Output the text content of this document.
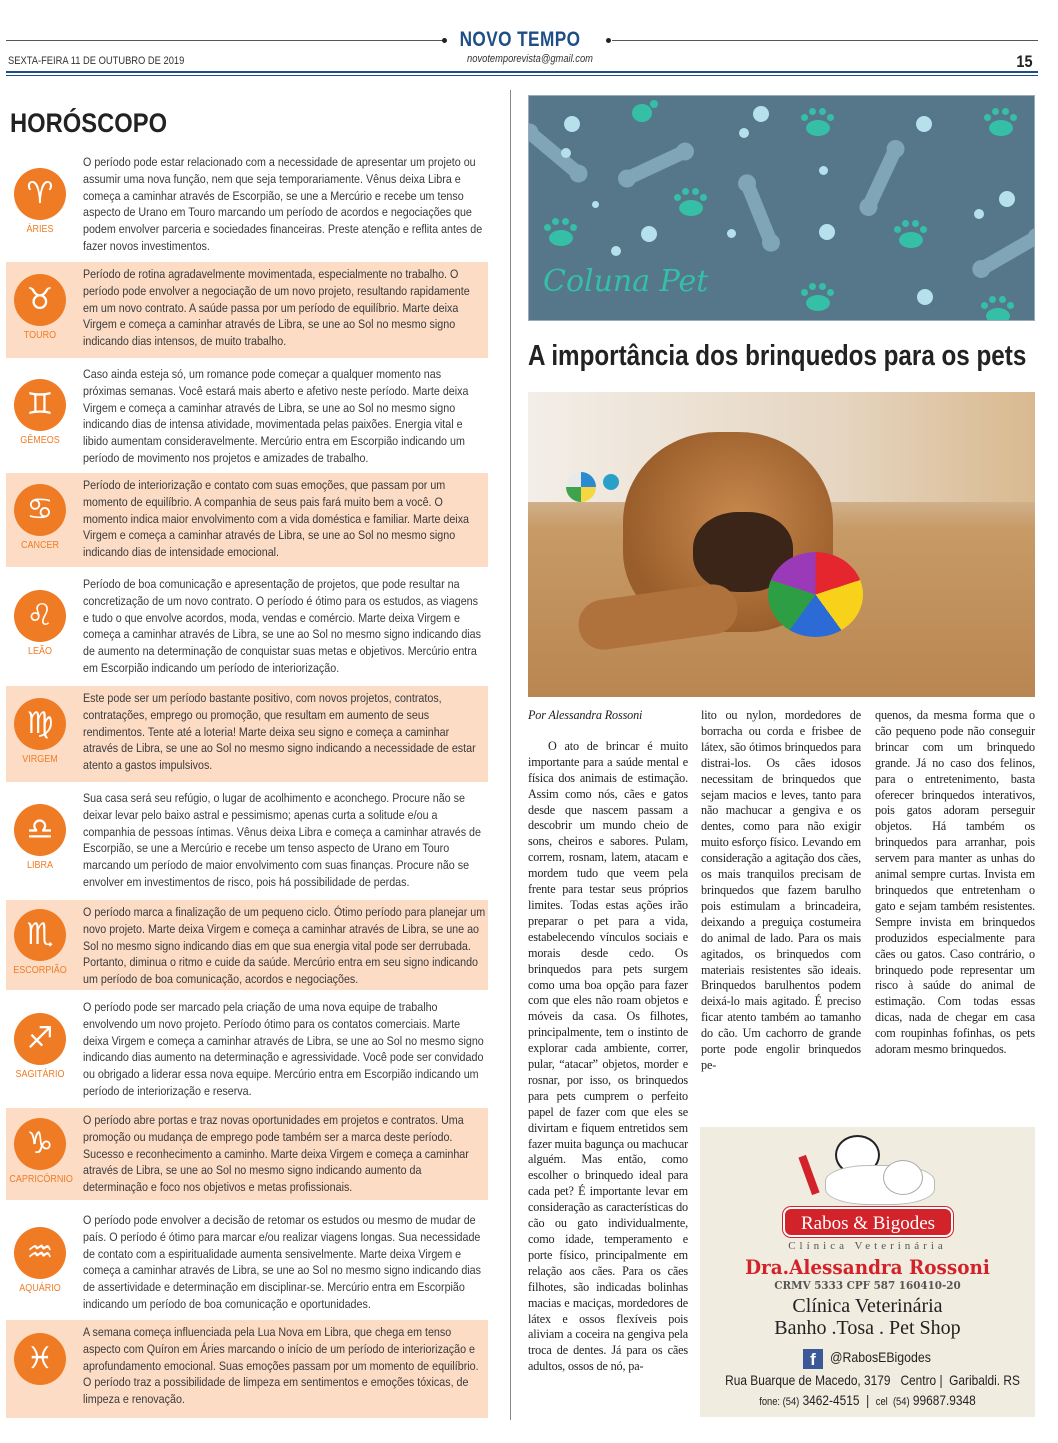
NOVO TEMPO
SEXTA-FEIRA 11 DE OUTUBRO DE 2019	novotemporevista@gmail.com	15
HORÓSCOPO
♈
ÁRIES
O período pode estar relacionado com a necessidade de apresentar um projeto ou assumir uma nova função, nem que seja temporariamente. Vênus deixa Libra e começa a caminhar através de Escorpião, se une a Mercúrio e recebe um tenso aspecto de Urano em Touro marcando um período de acordos e negociações que podem envolver parceria e sociedades financeiras. Preste atenção e reflita antes de fazer novos investimentos.
♉
TOURO
Período de rotina agradavelmente movimentada, especialmente no trabalho. O período pode envolver a negociação de um novo projeto, resultando rapidamente em um novo contrato. A saúde passa por um período de equilíbrio. Marte deixa Virgem e começa a caminhar através de Libra, se une ao Sol no mesmo signo indicando dias intensos, de muito trabalho.
♊
GÊMEOS
Caso ainda esteja só, um romance pode começar a qualquer momento nas próximas semanas. Você estará mais aberto e afetivo neste período. Marte deixa Virgem e começa a caminhar através de Libra, se une ao Sol no mesmo signo indicando dias de intensa atividade, movimentada pelas paixões. Energia vital e libido aumentam consideravelmente. Mercúrio entra em Escorpião indicando um período de movimento nos projetos e amizades de trabalho.
♋
CANCER
Período de interiorização e contato com suas emoções, que passam por um momento de equilíbrio. A companhia de seus pais fará muito bem a você. O momento indica maior envolvimento com a vida doméstica e familiar. Marte deixa Virgem e começa a caminhar através de Libra, se une ao Sol no mesmo signo indicando dias de intensidade emocional.
♌
LEÃO
Período de boa comunicação e apresentação de projetos, que pode resultar na concretização de um novo contrato. O período é ótimo para os estudos, as viagens e tudo o que envolve acordos, moda, vendas e comércio. Marte deixa Virgem e começa a caminhar através de Libra, se une ao Sol no mesmo signo indicando dias de aumento na determinação de conquistar suas metas e objetivos. Mercúrio entra em Escorpião indicando um período de interiorização.
♍
VIRGEM
Este pode ser um período bastante positivo, com novos projetos, contratos, contratações, emprego ou promoção, que resultam em aumento de seus rendimentos. Tente até a loteria! Marte deixa seu signo e começa a caminhar através de Libra, se une ao Sol no mesmo signo indicando a necessidade de estar atento a gastos impulsivos.
♎
LIBRA
Sua casa será seu refúgio, o lugar de acolhimento e aconchego. Procure não se deixar levar pelo baixo astral e pessimismo; apenas curta a solitude e/ou a companhia de pessoas íntimas. Vênus deixa Libra e começa a caminhar através de Escorpião, se une a Mercúrio e recebe um tenso aspecto de Urano em Touro marcando um período de maior envolvimento com suas finanças. Procure não se envolver em investimentos de risco, pois há possibilidade de perdas.
♏
ESCORPIÃO
O período marca a finalização de um pequeno ciclo. Ótimo período para planejar um novo projeto. Marte deixa Virgem e começa a caminhar através de Libra, se une ao Sol no mesmo signo indicando dias em que sua energia vital pode ser derrubada. Portanto, diminua o ritmo e cuide da saúde. Mercúrio entra em seu signo indicando um período de boa comunicação, acordos e negociações.
♐
SAGITÁRIO
O período pode ser marcado pela criação de uma nova equipe de trabalho envolvendo um novo projeto. Período ótimo para os contatos comerciais. Marte deixa Virgem e começa a caminhar através de Libra, se une ao Sol no mesmo signo indicando dias aumento na determinação e agressividade. Você pode ser convidado ou obrigado a liderar essa nova equipe. Mercúrio entra em Escorpião indicando um período de interiorização e reserva.
♑
CAPRICÓRNIO
O período abre portas e traz novas oportunidades em projetos e contratos. Uma promoção ou mudança de emprego pode também ser a marca deste período. Sucesso e reconhecimento a caminho. Marte deixa Virgem e começa a caminhar através de Libra, se une ao Sol no mesmo signo indicando aumento da determinação e foco nos objetivos e metas profissionais.
♒
AQUÁRIO
O período pode envolver a decisão de retomar os estudos ou mesmo de mudar de país. O período é ótimo para marcar e/ou realizar viagens longas. Sua necessidade de contato com a espiritualidade aumenta sensivelmente. Marte deixa Virgem e começa a caminhar através de Libra, se une ao Sol no mesmo signo indicando dias de assertividade e determinação em disciplinar-se. Mercúrio entra em Escorpião indicando um período de boa comunicação e oportunidades.
♓
A semana começa influenciada pela Lua Nova em Libra, que chega em tenso aspecto com Quíron em Áries marcando o início de um período de interiorização e aprofundamento emocional. Suas emoções passam por um momento de equilíbrio. O período traz a possibilidade de limpeza em sentimentos e emoções tóxicas, de limpeza e renovação.
Coluna Pet
A importância dos brinquedos para os pets

Por Alessandra Rossoni

O ato de brincar é muito importante para a saúde mental e física dos animais de estimação. Assim como nós, cães e gatos desde que nascem passam a descobrir um mundo cheio de sons, cheiros e sabores. Pulam, correm, rosnam, latem, atacam e mordem tudo que veem pela frente para testar seus próprios limites. Todas estas ações irão preparar o pet para a vida, estabelecendo vínculos sociais e morais desde cedo. Os brinquedos para pets surgem como uma boa opção para fazer com que eles não roam objetos e móveis da casa. Os filhotes, principalmente, tem o instinto de explorar cada ambiente, correr, pular, “atacar” objetos, morder e rosnar, por isso, os brinquedos para pets cumprem o perfeito papel de fazer com que eles se divirtam e fiquem entretidos sem fazer muita bagunça ou machucar alguém. Mas então, como escolher o brinquedo ideal para cada pet? É importante levar em consideração as características do cão ou gato individualmente, como idade, temperamento e porte físico, principalmente em relação aos cães. Para os cães filhotes, são indicadas bolinhas macias e maciças, mordedores de látex e ossos flexíveis pois aliviam a coceira na gengiva pela troca de dentes. Já para os cães adultos, ossos de nó, pa-

lito ou nylon, mordedores de borracha ou corda e frisbee de látex, são ótimos brinquedos para distrai-los. Os cães idosos necessitam de brinquedos que sejam macios e leves, tanto para não machucar a gengiva e os dentes, como para não exigir muito esforço físico. Levando em consideração a agitação dos cães, os mais tranquilos precisam de brinquedos que fazem barulho pois estimulam a brincadeira, deixando a preguiça costumeira do animal de lado. Para os mais agitados, os brinquedos com materiais resistentes são ideais. Brinquedos barulhentos podem deixá-lo mais agitado. É preciso ficar atento também ao tamanho do cão. Um cachorro de grande porte pode engolir brinquedos pe-

quenos, da mesma forma que o cão pequeno pode não conseguir brincar com um brinquedo grande. Já no caso dos felinos, para o entretenimento, basta oferecer brinquedos interativos, pois gatos adoram perseguir objetos. Há também os brinquedos para arranhar, pois servem para manter as unhas do animal sempre curtas. Invista em brinquedos que entretenham o gato e sejam também resistentes. Sempre invista em brinquedos produzidos especialmente para cães ou gatos. Caso contrário, o brinquedo pode representar um risco à saúde do animal de estimação. Com todas essas dicas, nada de chegar em casa com roupinhas fofinhas, os pets adoram mesmo brinquedos.

Rabos & Bigodes
Clínica Veterinária
Dra.Alessandra Rossoni
CRMV 5333 CPF 587 160410-20
Clínica Veterinária
Banho .Tosa . Pet Shop
f	@RabosEBigodes
Rua Buarque de Macedo, 3179   Centro |  Garibaldi. RS
fone: (54) 3462-4515  |  cel  (54) 99687.9348
